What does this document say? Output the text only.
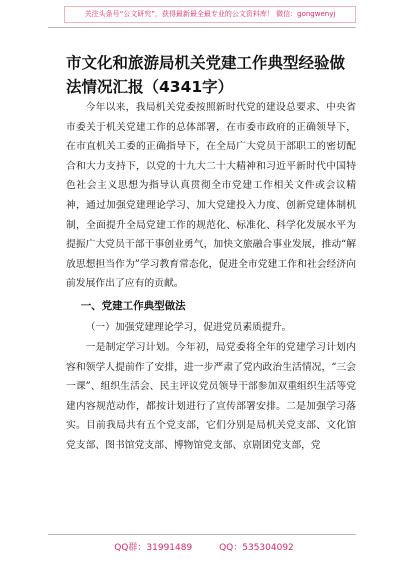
关注头条号“公文研究”，获得最新最全最专业的公文资料库！ 微信：gongwenyj
市文化和旅游局机关党建工作典型经验做法情况汇报（4341字）

今年以来，我局机关党委按照新时代党的建设总要求、中央省市委关于机关党建工作的总体部署，在市委市政府的正确领导下，在市直机关工委的正确指导下，在全局广大党员干部职工的密切配合和大力支持下，以党的十九大二十大精神和习近平新时代中国特色社会主义思想为指导认真贯彻全市党建工作相关文件或会议精神，通过加强党建理论学习、加大党建投入力度、创新党建体制机制，全面提升全局党建工作的规范化、标准化、科学化发展水平为提振广大党员干部干事创业勇气，加快文旅融合事业发展，推动“解放思想担当作为”学习教育常态化，促进全市党建工作和社会经济向前发展作出了应有的贡献。

一、党建工作典型做法

（一）加强党建理论学习，促进党员素质提升。

一是制定学习计划。今年初，局党委将全年的党建学习计划内容和领学人提前作了安排，进一步严肃了党内政治生活情况，“三会一课”、组织生活会、民主评议党员领导干部参加双重组织生活等党建内容规范动作，都按计划进行了宣传部署安排。二是加强学习落实。目前我局共有五个党支部，它们分别是局机关党支部、文化馆党支部、图书馆党支部、博物馆党支部、京剧团党支部，党

QQ群：31991489	QQ：535304092
